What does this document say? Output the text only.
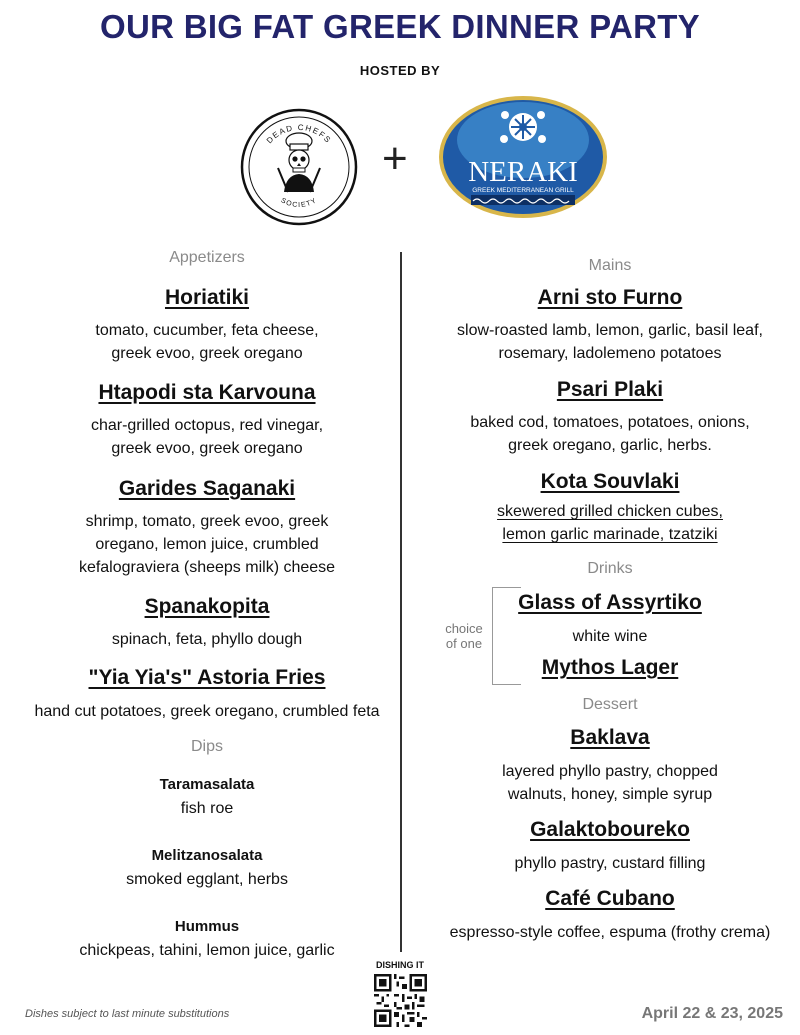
OUR BIG FAT GREEK DINNER PARTY
HOSTED BY
DEAD CHEFS
SOCIETY
+ NERAKI
GREEK MEDITERRANEAN GRILL
Appetizers
Horiatiki
tomato, cucumber, feta cheese,
greek evoo, greek oregano
Htapodi sta Karvouna
char-grilled octopus, red vinegar,
greek evoo, greek oregano
Garides Saganaki
shrimp, tomato, greek evoo, greek
oregano, lemon juice, crumbled
kefalograviera (sheeps milk) cheese
Spanakopita
spinach, feta, phyllo dough
"Yia Yia's" Astoria Fries
hand cut potatoes, greek oregano, crumbled feta
Dips
Taramasalata
fish roe
Melitzanosalata
smoked egglant, herbs
Hummus
chickpeas, tahini, lemon juice, garlic
Mains
Arni sto Furno
slow-roasted lamb, lemon, garlic, basil leaf,
rosemary, ladolemeno potatoes
Psari Plaki
baked cod, tomatoes, potatoes, onions,
greek oregano, garlic, herbs.
Kota Souvlaki
skewered grilled chicken cubes,
lemon garlic marinade, tzatziki
Drinks
Glass of Assyrtiko
white wine
Mythos Lager
Dessert
Baklava
layered phyllo pastry, chopped
walnuts, honey, simple syrup
Galaktoboureko
phyllo pastry, custard filling
Café Cubano
espresso-style coffee, espuma (frothy crema)
choice
of one
DISHING IT
Dishes subject to last minute substitutions	April 22 & 23, 2025
